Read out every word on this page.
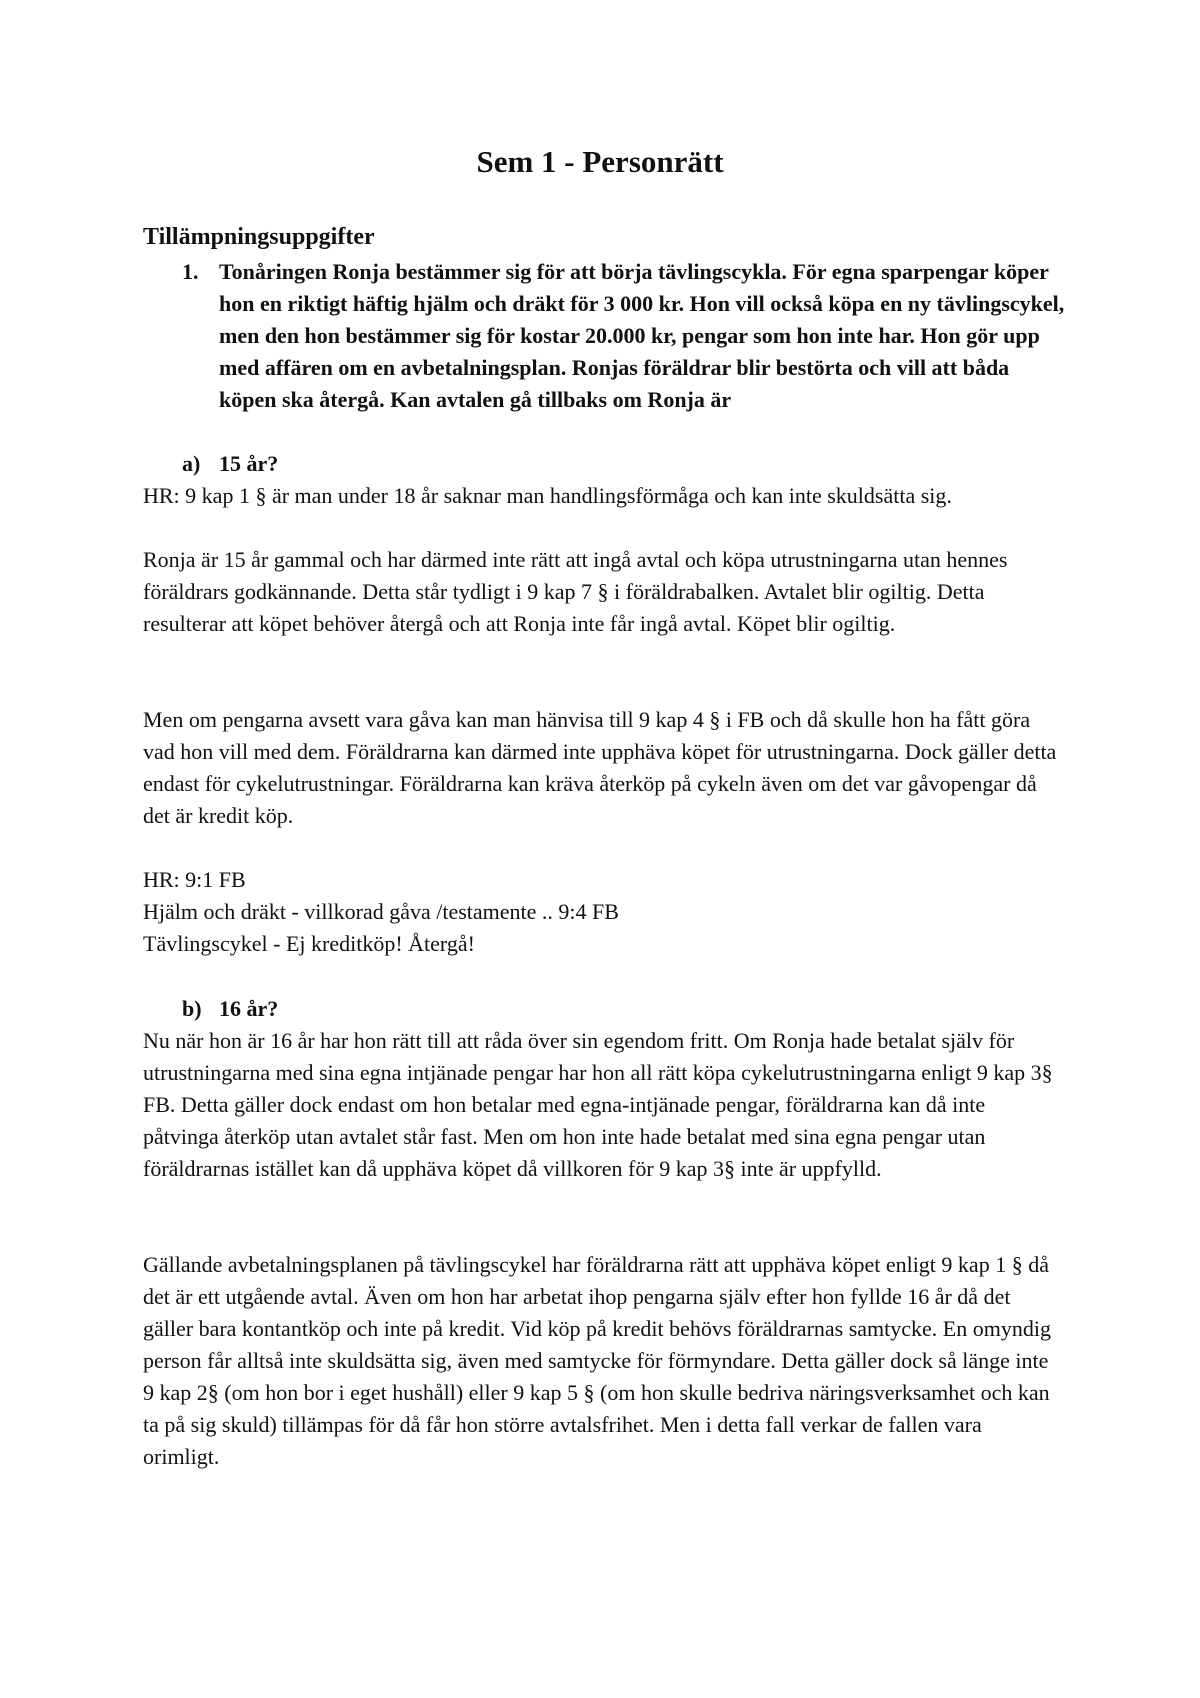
Sem 1 - Personrätt
Tillämpningsuppgifter
1. Tonåringen Ronja bestämmer sig för att börja tävlingscykla. För egna sparpengar köper hon en riktigt häftig hjälm och dräkt för 3 000 kr. Hon vill också köpa en ny tävlingscykel, men den hon bestämmer sig för kostar 20.000 kr, pengar som hon inte har. Hon gör upp med affären om en avbetalningsplan. Ronjas föräldrar blir bestörta och vill att båda köpen ska återgå. Kan avtalen gå tillbaks om Ronja är
a) 15 år?

HR: 9 kap 1 § är man under 18 år saknar man handlingsförmåga och kan inte skuldsätta sig.

Ronja är 15 år gammal och har därmed inte rätt att ingå avtal och köpa utrustningarna utan hennes föräldrars godkännande. Detta står tydligt i 9 kap 7 § i föräldrabalken. Avtalet blir ogiltig. Detta resulterar att köpet behöver återgå och att Ronja inte får ingå avtal. Köpet blir ogiltig.

Men om pengarna avsett vara gåva kan man hänvisa till 9 kap 4 § i FB och då skulle hon ha fått göra vad hon vill med dem. Föräldrarna kan därmed inte upphäva köpet för utrustningarna. Dock gäller detta endast för cykelutrustningar. Föräldrarna kan kräva återköp på cykeln även om det var gåvopengar då det är kredit köp.

HR: 9:1 FB
Hjälm och dräkt - villkorad gåva /testamente .. 9:4 FB
Tävlingscykel - Ej kreditköp! Återgå!
b) 16 år?

Nu när hon är 16 år har hon rätt till att råda över sin egendom fritt. Om Ronja hade betalat själv för utrustningarna med sina egna intjänade pengar har hon all rätt köpa cykelutrustningarna enligt 9 kap 3§ FB. Detta gäller dock endast om hon betalar med egna-intjänade pengar, föräldrarna kan då inte påtvinga återköp utan avtalet står fast. Men om hon inte hade betalat med sina egna pengar utan föräldrarnas istället kan då upphäva köpet då villkoren för 9 kap 3§ inte är uppfylld.

Gällande avbetalningsplanen på tävlingscykel har föräldrarna rätt att upphäva köpet enligt 9 kap 1 § då det är ett utgående avtal. Även om hon har arbetat ihop pengarna själv efter hon fyllde 16 år då det gäller bara kontantköp och inte på kredit. Vid köp på kredit behövs föräldrarnas samtycke. En omyndig person får alltså inte skuldsätta sig, även med samtycke för förmyndare. Detta gäller dock så länge inte 9 kap 2§ (om hon bor i eget hushåll) eller 9 kap 5 § (om hon skulle bedriva näringsverksamhet och kan ta på sig skuld) tillämpas för då får hon större avtalsfrihet. Men i detta fall verkar de fallen vara orimligt.
